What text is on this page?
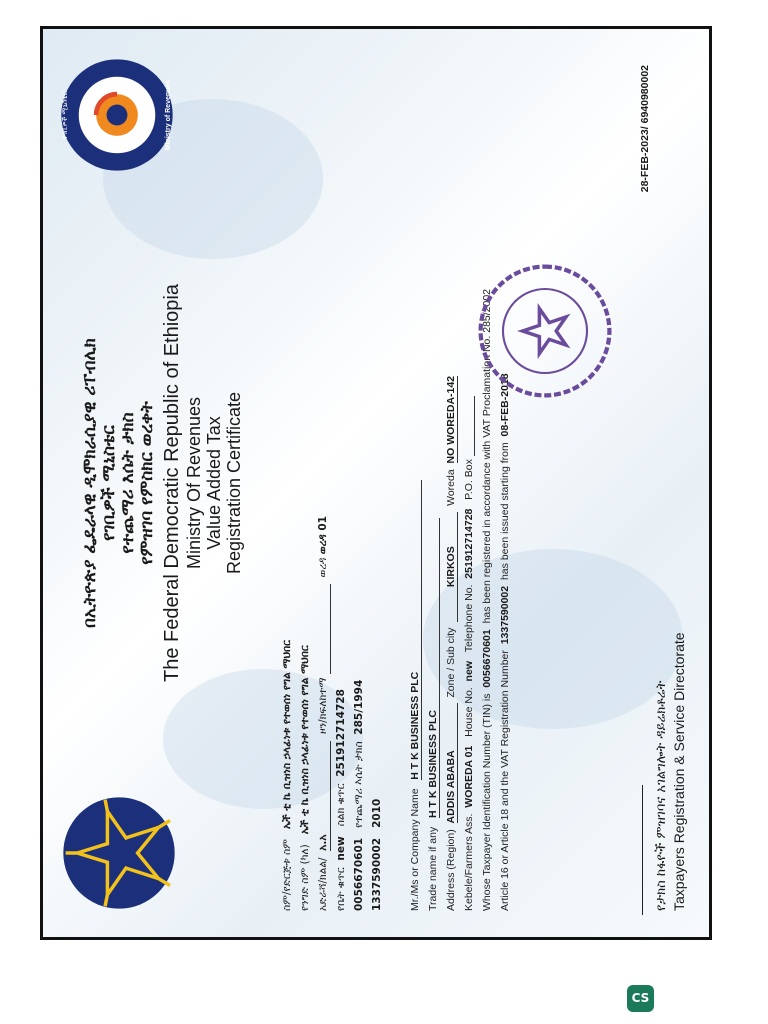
የገቢዎች ሚኒስቴር	Ministry of Revenues
በኢትዮጵያ ፌዴራላዊ ዲሞክራሲያዊ ሪፐብሊክ የገቢዎች ሚኒስቴር የተጨማሪ እሴት ታክስ የምዝገባ የምስክር ወረቀት The Federal Democratic Republic of Ethiopia Ministry Of Revenues Value Added Tax Registration Certificate
ስም/የድርጅቱ ስም   ኤች ቲ ኬ ቢዝነስ ኃላፊነቱ የተወሰነ የግል ማህበር
የንግድ ስም (ካለ)   ኤች ቲ ኬ ቢዝነስ ኃላፊነቱ የተወሰነ የግል ማህበር
አድራሻ/ክልል/  አ.አ  ዞን/ክፍለከተማ   ወረዳ ወረዳ 01
የቤት ቁጥር  new   ስልክ ቁጥር  251912714728
0056670601   የተጨማሪ እሴት ታክስ  285/1994
1337590002   2010 Mr./Ms or Company Name   H T K BUSINESS PLC
Trade name if any   H T K BUSINESS PLC
Address (Region)  ADDIS ABABA  Zone / Sub city  KIRKOS  Woreda  NO WOREDA-142
Kebele/Farmers Ass.  WOREDA 01   House No.  new   Telephone No.  251912714728   P.O. Box
Whose Taxpayer Identification Number (TIN) is  0056670601  has been registered in accordance with VAT Proclamation No. 285/2002
Article 16 or Article 18 and the VAT Registration Number  1337590002  has been issued starting from  08-FEB-2018
የታክስ ከፋዮች ምዝገባና አገልግሎት ዳይሬክቶሬት Taxpayers Registration & Service Directorate
28-FEB-2023/ 6940980002
CS
